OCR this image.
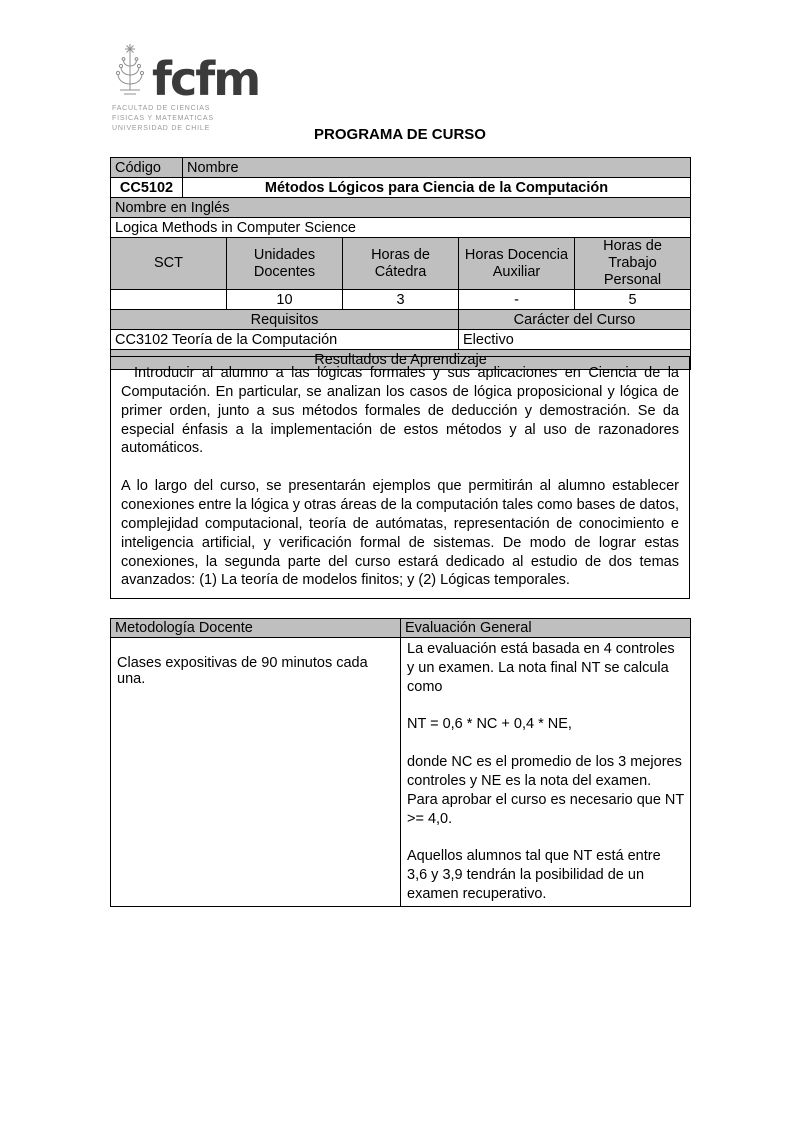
fcfm
FACULTAD DE CIENCIAS
FISICAS Y MATEMATICAS
UNIVERSIDAD DE CHILE	PROGRAMA DE CURSO
Código	Nombre				
CC5102	Métodos Lógicos para Ciencia de la Computación				
Nombre en Inglés					
Logica Methods in Computer Science					
SCT		Unidades Docentes	Horas de Cátedra	Horas Docencia Auxiliar	Horas de Trabajo Personal
		10	3	-	5
Requisitos				Carácter del Curso	
CC3102 Teoría de la Computación				Electivo	
Resultados de Aprendizaje					

Introducir al alumno a las lógicas formales y sus aplicaciones en Ciencia de la Computación. En particular, se analizan los casos de lógica proposicional y lógica de primer orden, junto a sus métodos formales de deducción y demostración. Se da especial énfasis a la implementación de estos métodos y al uso de razonadores automáticos.

A lo largo del curso, se presentarán ejemplos que permitirán al alumno establecer conexiones entre la lógica y otras áreas de la computación tales como bases de datos, complejidad computacional, teoría de autómatas, representación de conocimiento e inteligencia artificial, y verificación formal de sistemas. De modo de lograr estas conexiones, la segunda parte del curso estará dedicado al estudio de dos temas avanzados: (1) La teoría de modelos finitos; y (2) Lógicas temporales.

Metodología Docente	Evaluación General

Clases expositivas de 90 minutos cada una.	La evaluación está basada en 4 controles y un examen. La nota final NT se calcula como

NT = 0,6 * NC + 0,4 * NE,

donde NC es el promedio de los 3 mejores controles y NE es la nota del examen. Para aprobar el curso es necesario que NT >= 4,0.

Aquellos alumnos tal que NT está entre 3,6 y 3,9 tendrán la posibilidad de un examen recuperativo.
